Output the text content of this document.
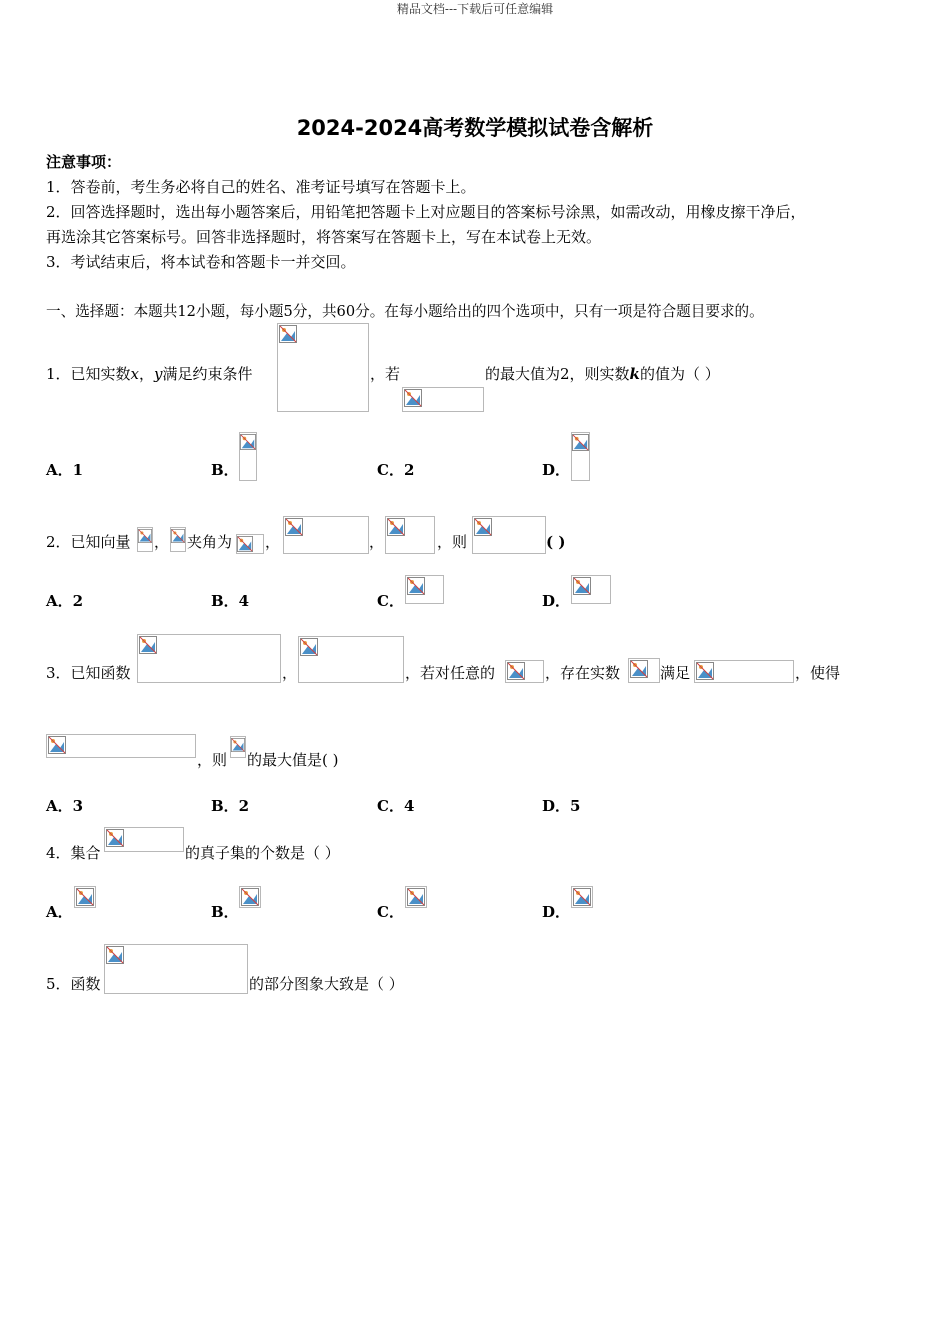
精品文档---下载后可任意编辑
2024-2024高考数学模拟试卷含解析
注意事项：
1．答卷前，考生务必将自己的姓名、准考证号填写在答题卡上。
2．回答选择题时，选出每小题答案后，用铅笔把答题卡上对应题目的答案标号涂黑，如需改动，用橡皮擦干净后，
再选涂其它答案标号。回答非选择题时，将答案写在答题卡上，写在本试卷上无效。
3．考试结束后，将本试卷和答题卡一并交回。
一、选择题：本题共12小题，每小题5分，共60分。在每小题给出的四个选项中，只有一项是符合题目要求的。
1．已知实数x，y满足约束条件	，若	的最大值为2，则实数k的值为（ ）
A．1	B．	C．2	D．
2．已知向量 ， 夹角为 ，	，	，则	( )
A．2	B．4	C．	D．
3．已知函数	，	，若对任意的	，存在实数	满足	，使得
，则 的最大值是( )
A．3	B．2	C．4	D．5
4．集合	的真子集的个数是（ ）
A．	B．	C．	D．
5．函数	的部分图象大致是（ ）
